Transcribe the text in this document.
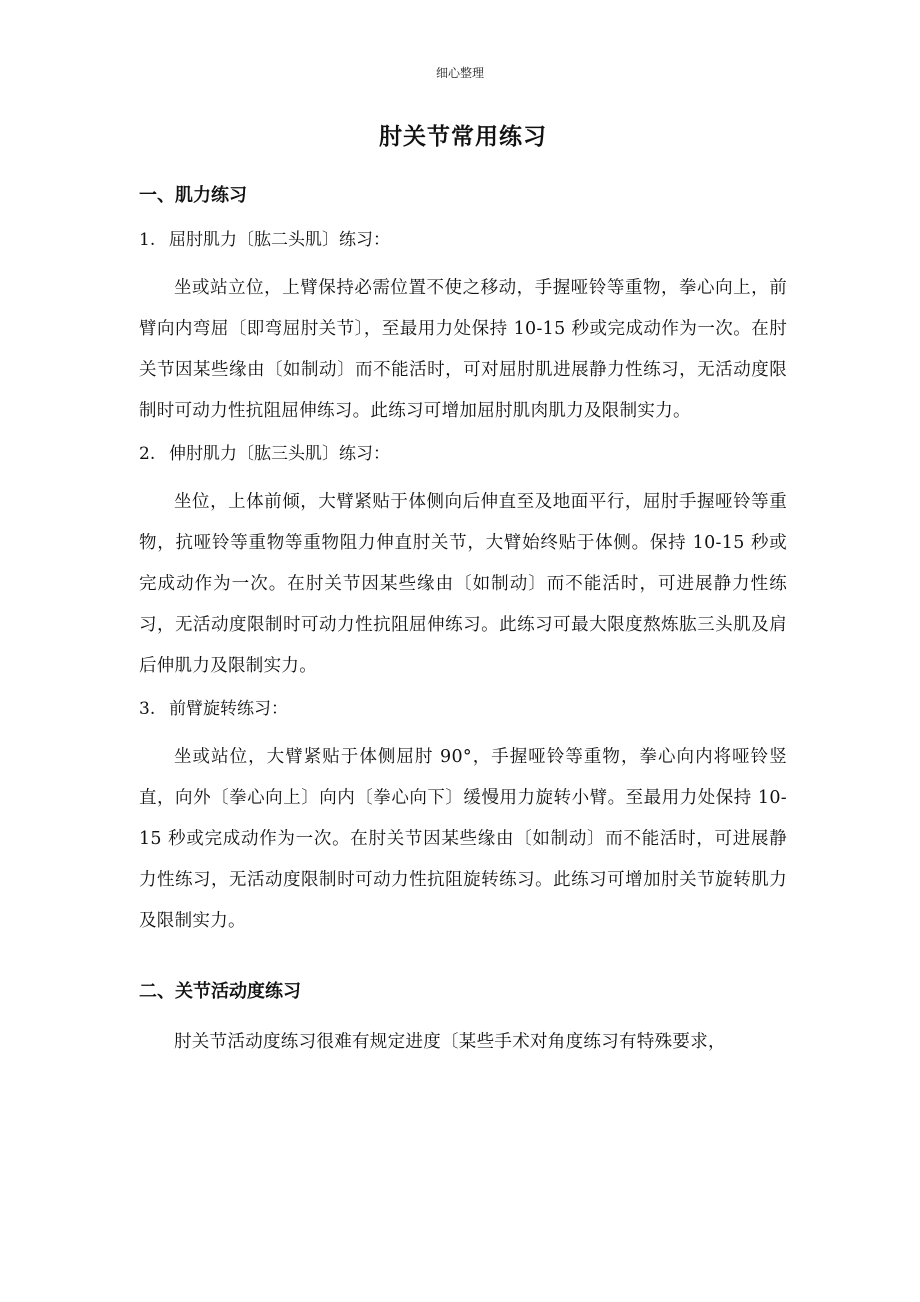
细心整理
肘关节常用练习
一、肌力练习
1. 屈肘肌力〔肱二头肌〕练习：

坐或站立位，上臂保持必需位置不使之移动，手握哑铃等重物，拳心向上，前臂向内弯屈〔即弯屈肘关节〕，至最用力处保持 10-15 秒或完成动作为一次。在肘关节因某些缘由〔如制动〕而不能活时，可对屈肘肌进展静力性练习，无活动度限制时可动力性抗阻屈伸练习。此练习可增加屈肘肌肉肌力及限制实力。

2. 伸肘肌力〔肱三头肌〕练习：

坐位，上体前倾，大臂紧贴于体侧向后伸直至及地面平行，屈肘手握哑铃等重物，抗哑铃等重物等重物阻力伸直肘关节，大臂始终贴于体侧。保持 10-15 秒或完成动作为一次。在肘关节因某些缘由〔如制动〕而不能活时，可进展静力性练习，无活动度限制时可动力性抗阻屈伸练习。此练习可最大限度熬炼肱三头肌及肩后伸肌力及限制实力。

3. 前臂旋转练习：

坐或站位，大臂紧贴于体侧屈肘 90°，手握哑铃等重物，拳心向内将哑铃竖直，向外〔拳心向上〕向内〔拳心向下〕缓慢用力旋转小臂。至最用力处保持 10-15 秒或完成动作为一次。在肘关节因某些缘由〔如制动〕而不能活时，可进展静力性练习，无活动度限制时可动力性抗阻旋转练习。此练习可增加肘关节旋转肌力及限制实力。

二、关节活动度练习

肘关节活动度练习很难有规定进度〔某些手术对角度练习有特殊要求，
